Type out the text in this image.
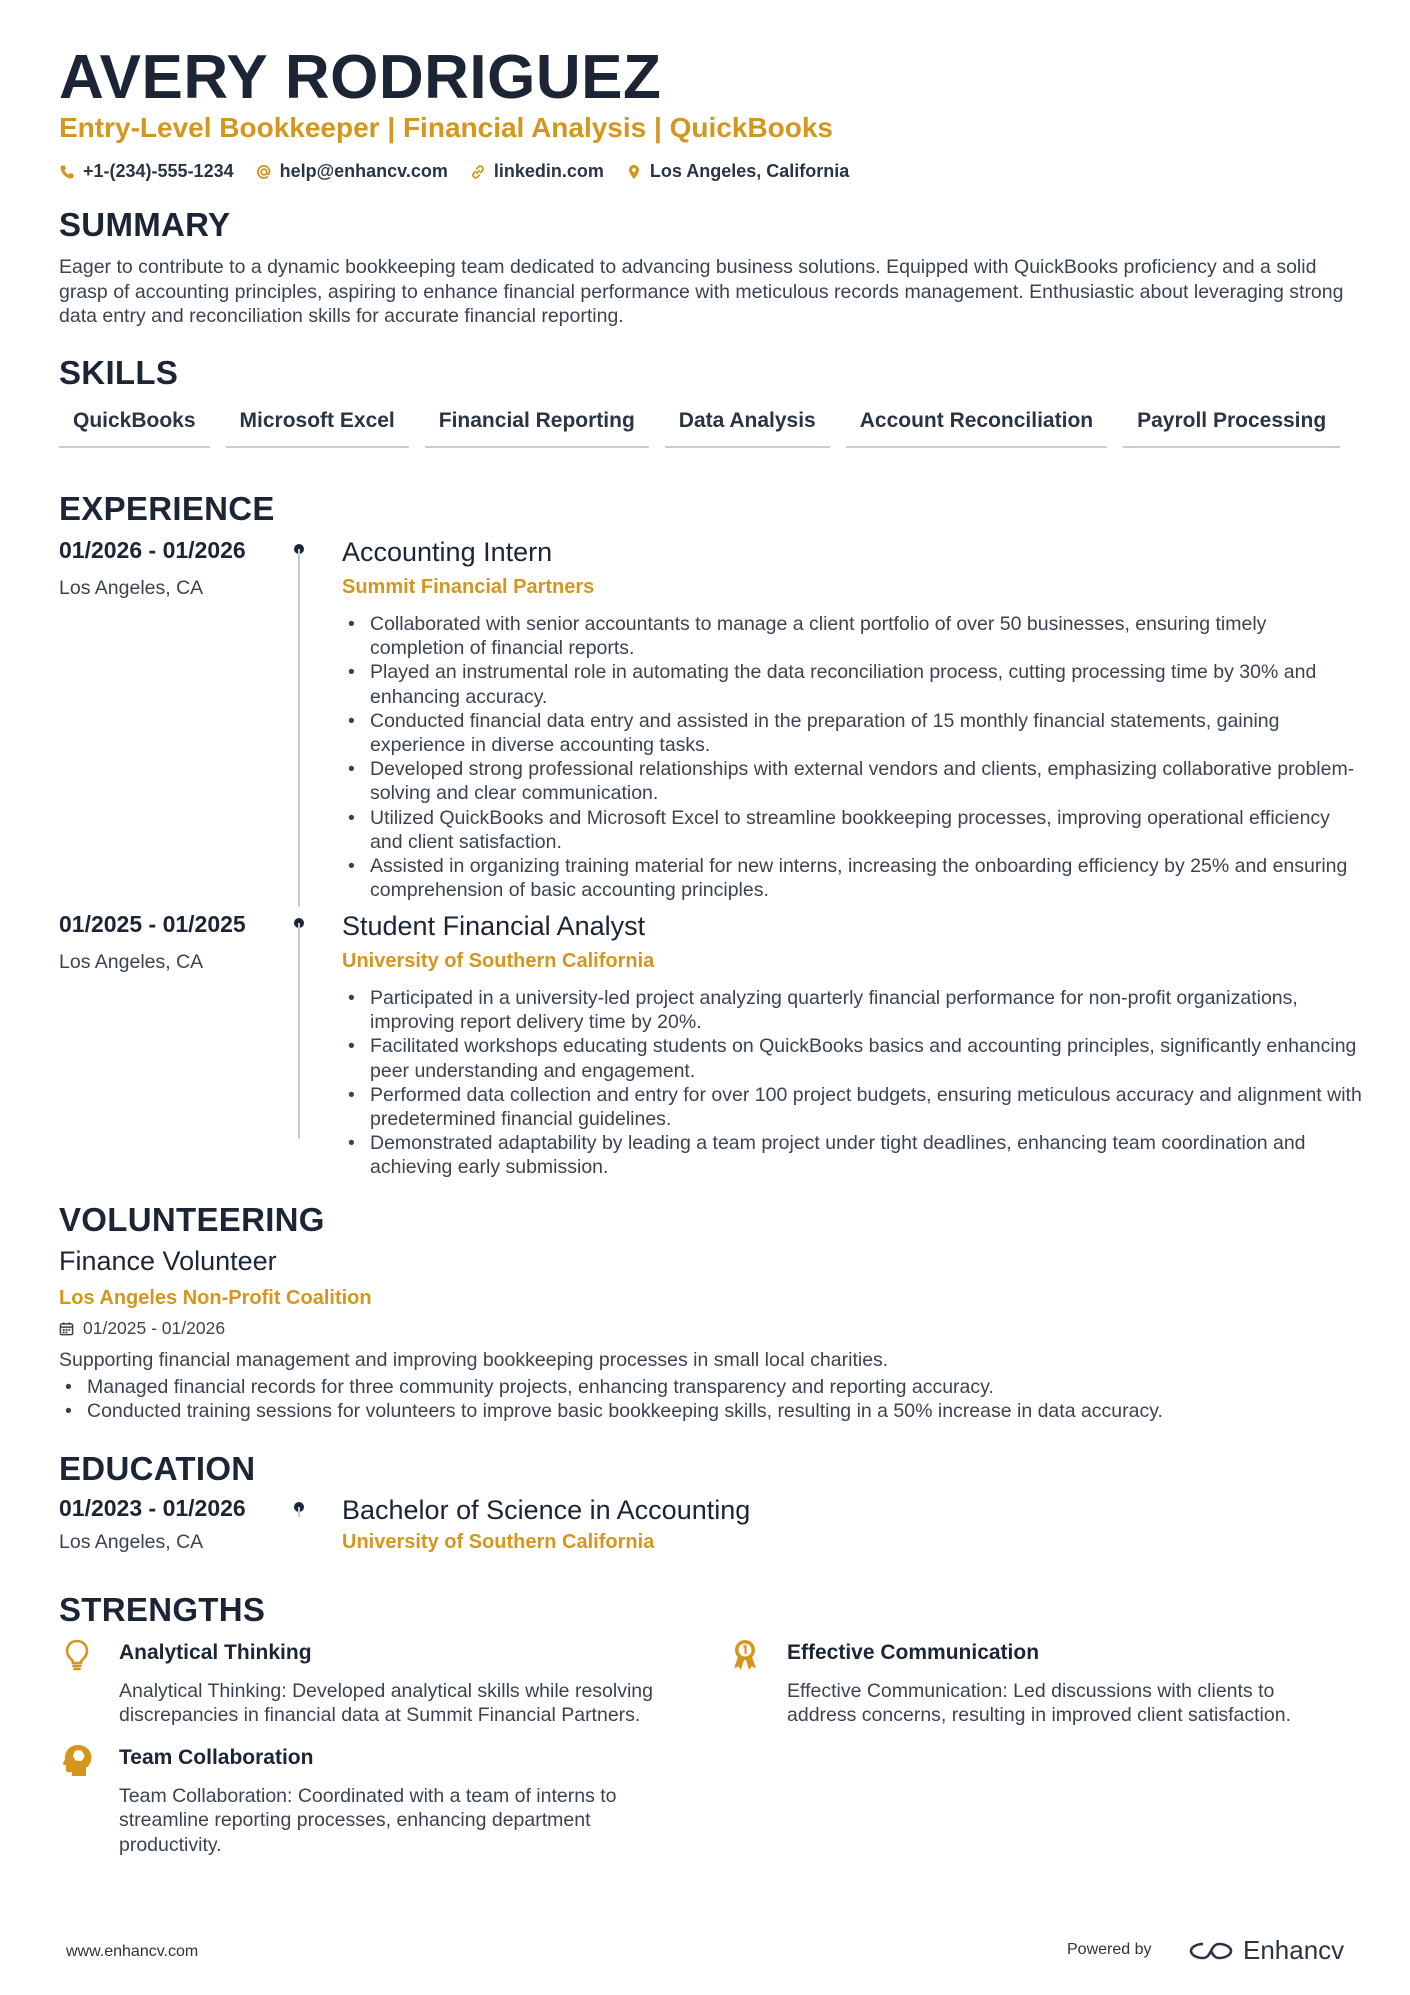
AVERY RODRIGUEZ
Entry-Level Bookkeeper | Financial Analysis | QuickBooks
+1-(234)-555-1234	help@enhancv.com	linkedin.com	Los Angeles, California
SUMMARY
Eager to contribute to a dynamic bookkeeping team dedicated to advancing business solutions. Equipped with QuickBooks proficiency and a solid grasp of accounting principles, aspiring to enhance financial performance with meticulous records management. Enthusiastic about leveraging strong data entry and reconciliation skills for accurate financial reporting.
SKILLS
QuickBooks	Microsoft Excel	Financial Reporting	Data Analysis	Account Reconciliation	Payroll Processing
EXPERIENCE
01/2026 - 01/2026
Los Angeles, CA
Accounting Intern
Summit Financial Partners
• Collaborated with senior accountants to manage a client portfolio of over 50 businesses, ensuring timely completion of financial reports.
• Played an instrumental role in automating the data reconciliation process, cutting processing time by 30% and enhancing accuracy.
• Conducted financial data entry and assisted in the preparation of 15 monthly financial statements, gaining experience in diverse accounting tasks.
• Developed strong professional relationships with external vendors and clients, emphasizing collaborative problem-solving and clear communication.
• Utilized QuickBooks and Microsoft Excel to streamline bookkeeping processes, improving operational efficiency and client satisfaction.
• Assisted in organizing training material for new interns, increasing the onboarding efficiency by 25% and ensuring comprehension of basic accounting principles.
01/2025 - 01/2025
Los Angeles, CA
Student Financial Analyst
University of Southern California
• Participated in a university-led project analyzing quarterly financial performance for non-profit organizations, improving report delivery time by 20%.
• Facilitated workshops educating students on QuickBooks basics and accounting principles, significantly enhancing peer understanding and engagement.
• Performed data collection and entry for over 100 project budgets, ensuring meticulous accuracy and alignment with predetermined financial guidelines.
• Demonstrated adaptability by leading a team project under tight deadlines, enhancing team coordination and achieving early submission.
VOLUNTEERING
Finance Volunteer
Los Angeles Non-Profit Coalition
01/2025 - 01/2026
Supporting financial management and improving bookkeeping processes in small local charities.
• Managed financial records for three community projects, enhancing transparency and reporting accuracy.
• Conducted training sessions for volunteers to improve basic bookkeeping skills, resulting in a 50% increase in data accuracy.
EDUCATION
01/2023 - 01/2026
Los Angeles, CA
Bachelor of Science in Accounting
University of Southern California
STRENGTHS
Analytical Thinking
Analytical Thinking: Developed analytical skills while resolving discrepancies in financial data at Summit Financial Partners.
Effective Communication
Effective Communication: Led discussions with clients to address concerns, resulting in improved client satisfaction.
Team Collaboration
Team Collaboration: Coordinated with a team of interns to streamline reporting processes, enhancing department productivity.
www.enhancv.com	Powered by	Enhancv
